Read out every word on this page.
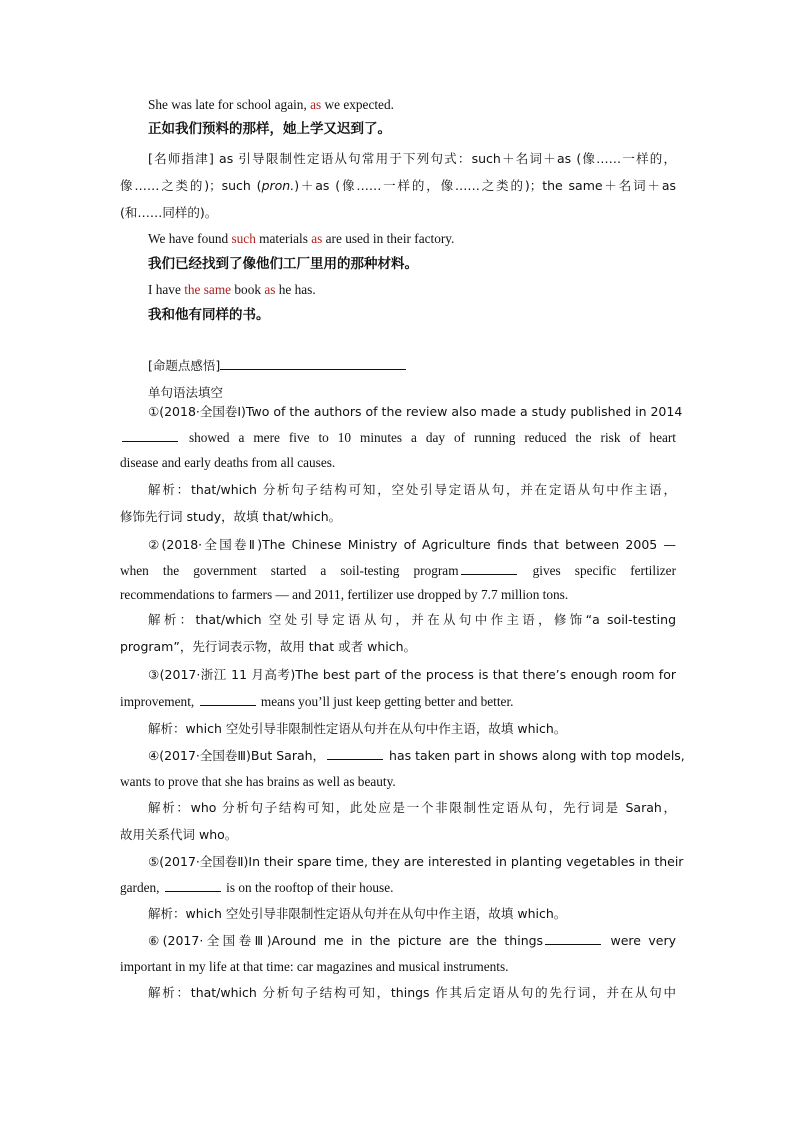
She was late for school again, as we expected.
正如我们预料的那样，她上学又迟到了。
[名师指津] as 引导限制性定语从句常用于下列句式：such＋名词＋as (像……一样的，
像……之类的)；such (pron.)＋as (像……一样的，像……之类的)；the same＋名词＋as
(和……同样的)。
We have found such materials as are used in their factory.
我们已经找到了像他们工厂里用的那种材料。
I have the same book as he has.
我和他有同样的书。
[命题点感悟]
单句语法填空
①(2018·全国卷Ⅰ)Two of the authors of the review also made a study published in 2014
showed a mere five to 10 minutes a day of running reduced the risk of heart
disease and early deaths from all causes.
解析：that/which 分析句子结构可知，空处引导定语从句，并在定语从句中作主语，
修饰先行词 study，故填 that/which。
②(2018·全国卷Ⅱ)The Chinese Ministry of Agriculture finds that between 2005 —
when the government started a soil-testing program	gives specific fertilizer
recommendations to farmers — and 2011, fertilizer use dropped by 7.7 million tons.
解析：that/which 空处引导定语从句，并在从句中作主语，修饰“a soil-testing
program”，先行词表示物，故用 that 或者 which。
③(2017·浙江 11 月高考)The best part of the process is that there’s enough room for
improvement,	means you’ll just keep getting better and better.
解析：which 空处引导非限制性定语从句并在从句中作主语，故填 which。
④(2017·全国卷Ⅲ)But Sarah，	has taken part in shows along with top models,
wants to prove that she has brains as well as beauty.
解析：who 分析句子结构可知，此处应是一个非限制性定语从句，先行词是 Sarah，
故用关系代词 who。
⑤(2017·全国卷Ⅱ)In their spare time, they are interested in planting vegetables in their
garden,	is on the rooftop of their house.
解析：which 空处引导非限制性定语从句并在从句中作主语，故填 which。
⑥(2017·全国卷Ⅲ)Around me in the picture are the things	were very
important in my life at that time: car magazines and musical instruments.
解析：that/which 分析句子结构可知，things 作其后定语从句的先行词，并在从句中
